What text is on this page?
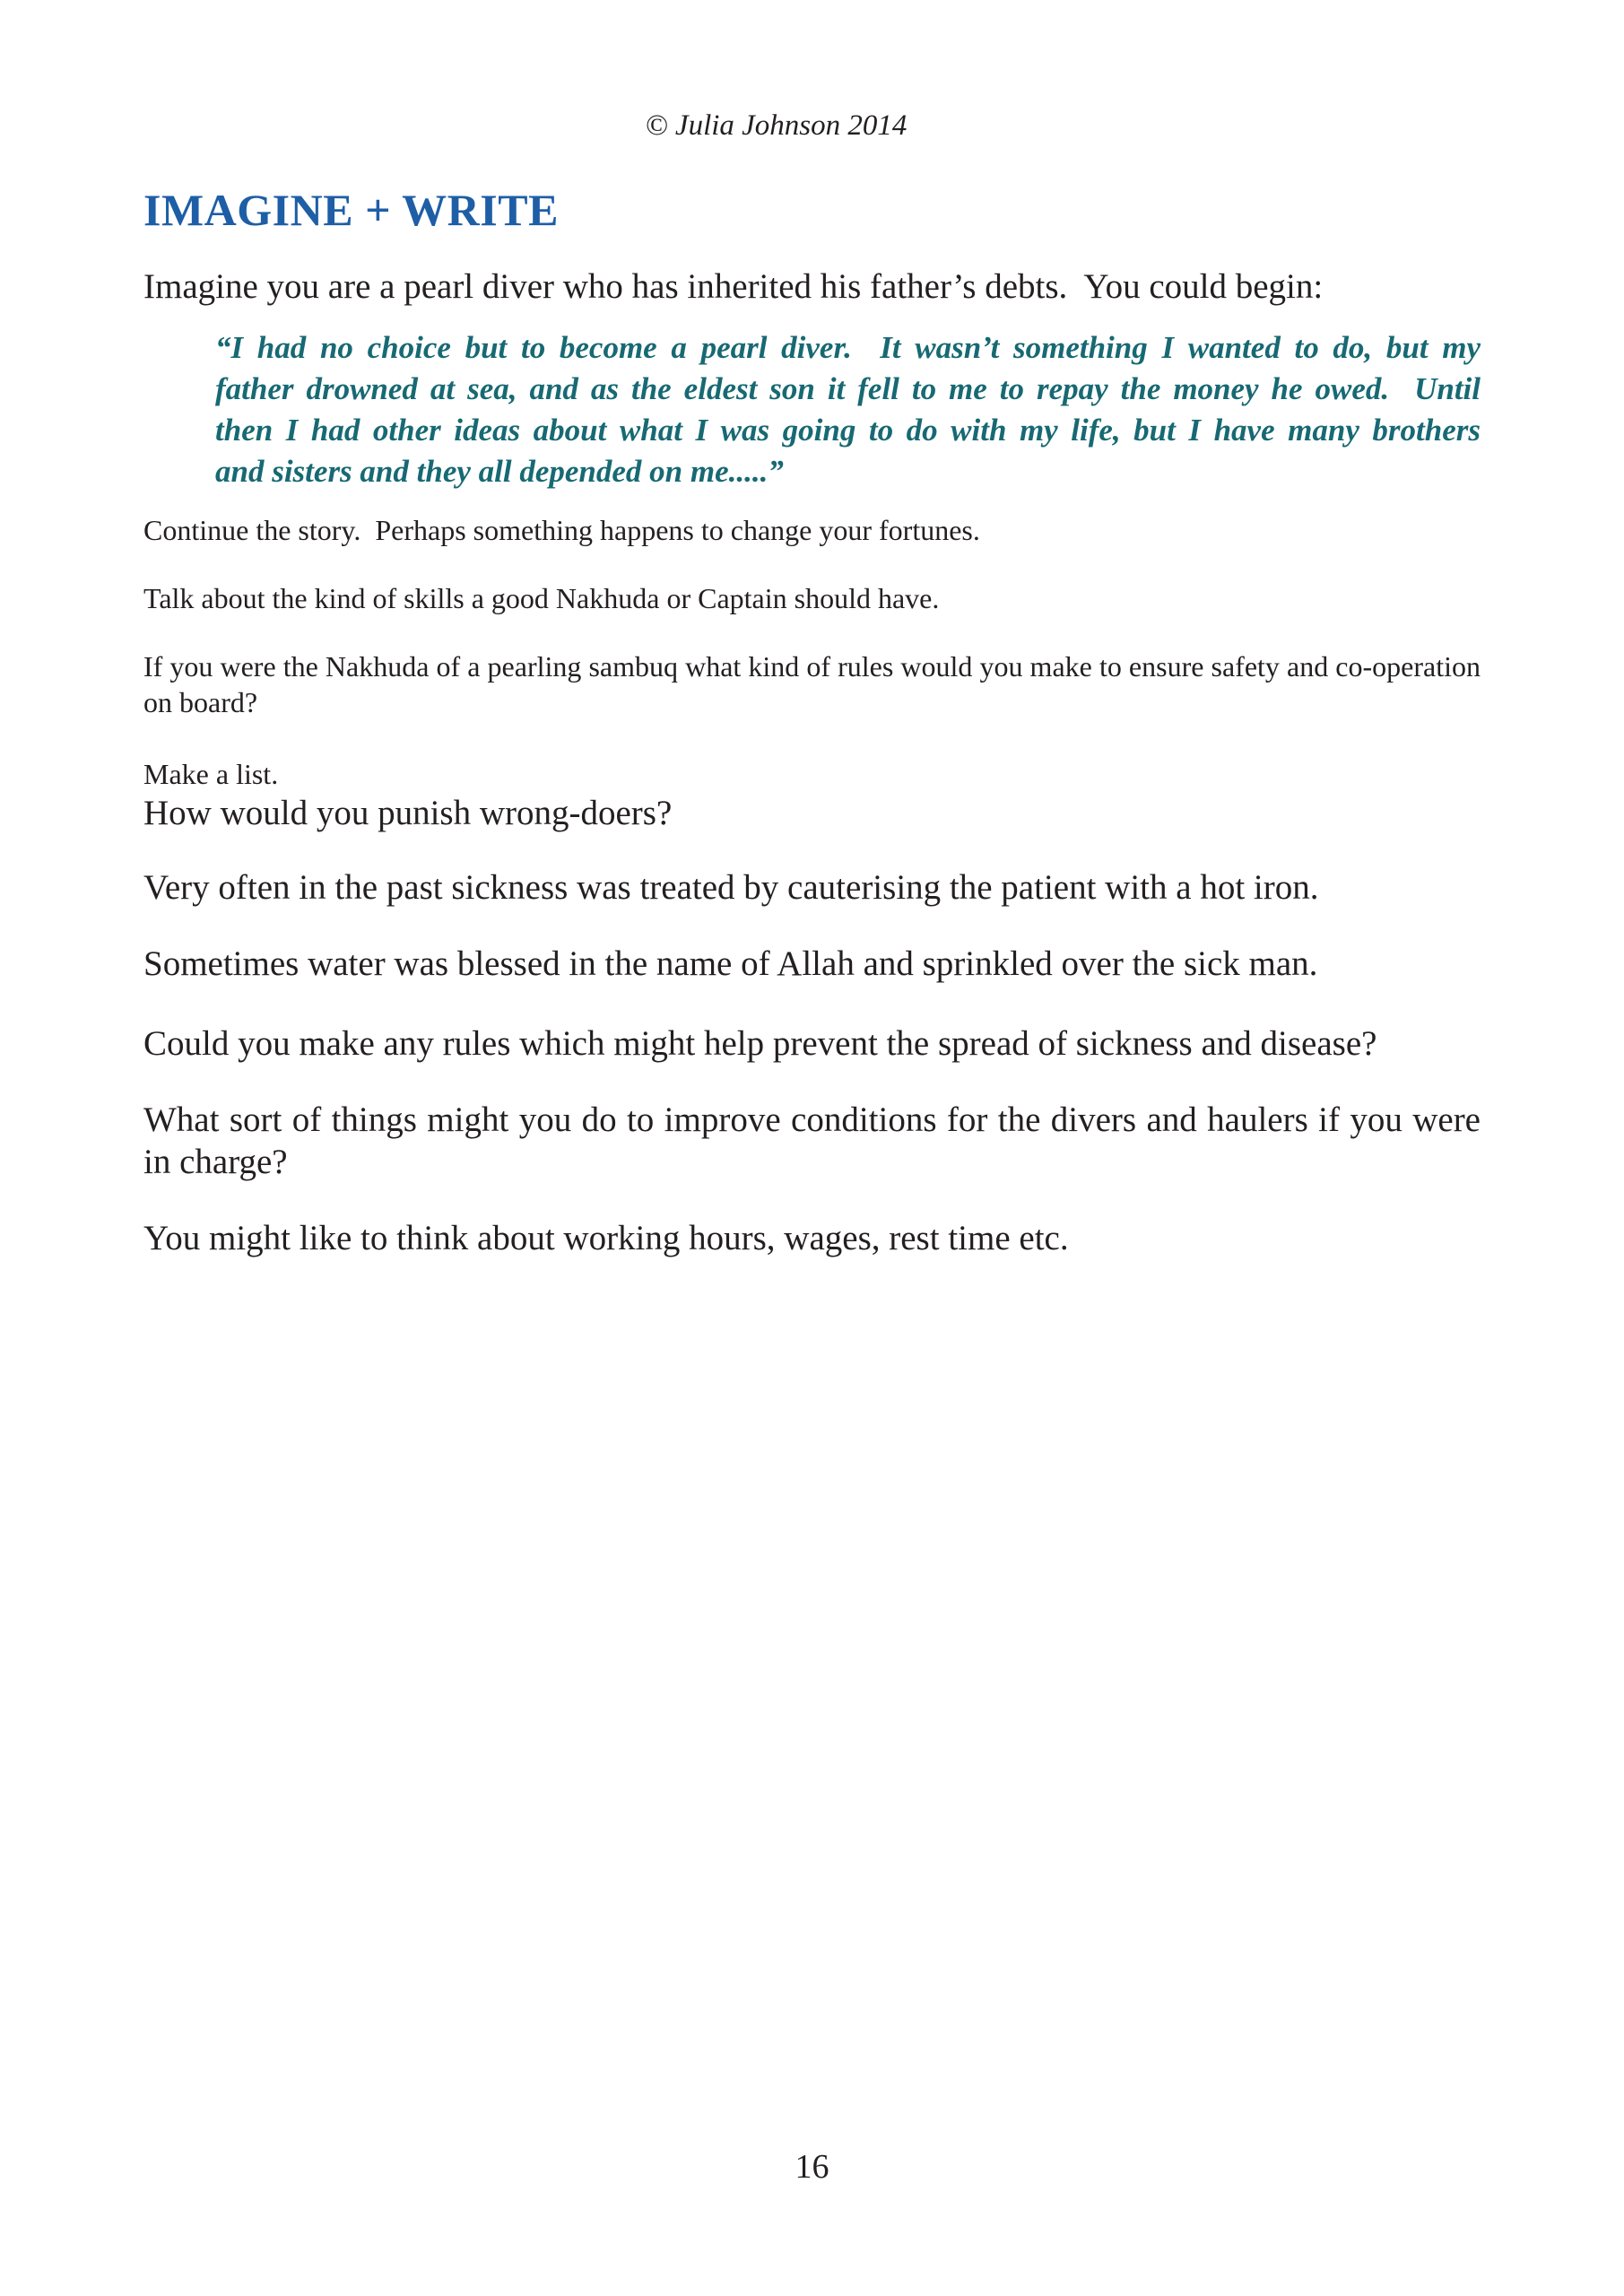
© Julia Johnson 2014
IMAGINE + WRITE

Imagine you are a pearl diver who has inherited his father’s debts.  You could begin:

“I had no choice but to become a pearl diver.  It wasn’t something I wanted to do, but my
father drowned at sea, and as the eldest son it fell to me to repay the money he owed.  Until
then I had other ideas about what I was going to do with my life, but I have many brothers
and sisters and they all depended on me.....”

Continue the story.  Perhaps something happens to change your fortunes.

Talk about the kind of skills a good Nakhuda or Captain should have.

If you were the Nakhuda of a pearling sambuq what kind of rules would you make to ensure safety and co-operation on board?

Make a list.

How would you punish wrong-doers?

Very often in the past sickness was treated by cauterising the patient with a hot iron.

Sometimes water was blessed in the name of Allah and sprinkled over the sick man.

Could you make any rules which might help prevent the spread of sickness and disease?

What sort of things might you do to improve conditions for the divers and haulers if you were in charge?

You might like to think about working hours, wages, rest time etc.

16
